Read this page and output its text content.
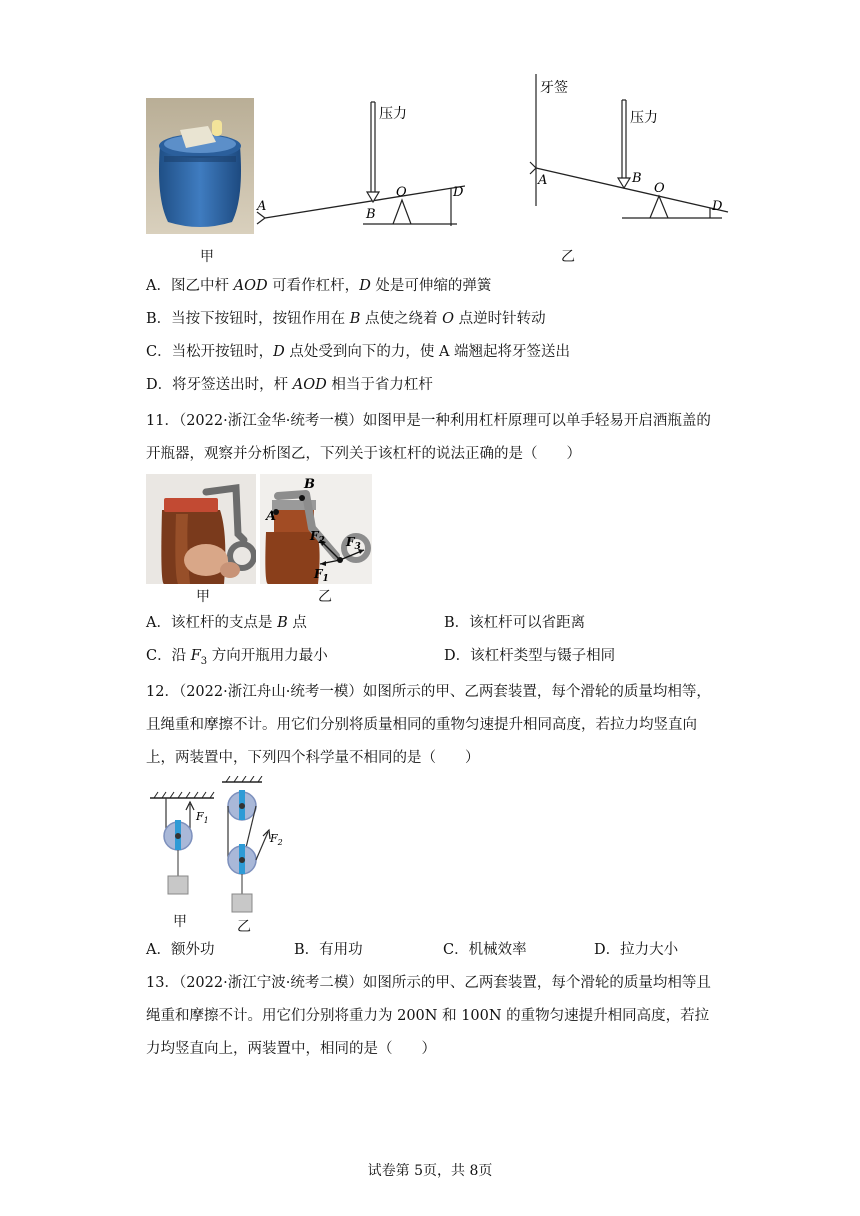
甲
压力
A
B
O	D
牙签
压力
A	B
O
D
乙
A．图乙中杆 AOD 可看作杠杆，D 处是可伸缩的弹簧
B．当按下按钮时，按钮作用在 B 点使之绕着 O 点逆时针转动
C．当松开按钮时，D 点处受到向下的力，使 A 端翘起将牙签送出
D．将牙签送出时，杆 AOD 相当于省力杠杆
11．（2022·浙江金华·统考一模）如图甲是一种利用杠杆原理可以单手轻易开启酒瓶盖的
开瓶器，观察并分析图乙，下列关于该杠杆的说法正确的是（　　）
B
A
$F_2$ $F_3$
$F_1$
甲	乙
A．该杠杆的支点是 B 点	B．该杠杆可以省距离
C．沿 $F_3$ 方向开瓶用力最小	D．该杠杆类型与镊子相同
12．（2022·浙江舟山·统考一模）如图所示的甲、乙两套装置，每个滑轮的质量均相等，
且绳重和摩擦不计。用它们分别将质量相同的重物匀速提升相同高度，若拉力均竖直向
上，两装置中，下列四个科学量不相同的是（　　）
$F_1$
$F_2$
甲	乙
A．额外功	B．有用功	C．机械效率	D．拉力大小
13．（2022·浙江宁波·统考二模）如图所示的甲、乙两套装置，每个滑轮的质量均相等且
绳重和摩擦不计。用它们分别将重力为 200N 和 100N 的重物匀速提升相同高度，若拉
力均竖直向上，两装置中，相同的是（　　）
试卷第 5页，共 8页
